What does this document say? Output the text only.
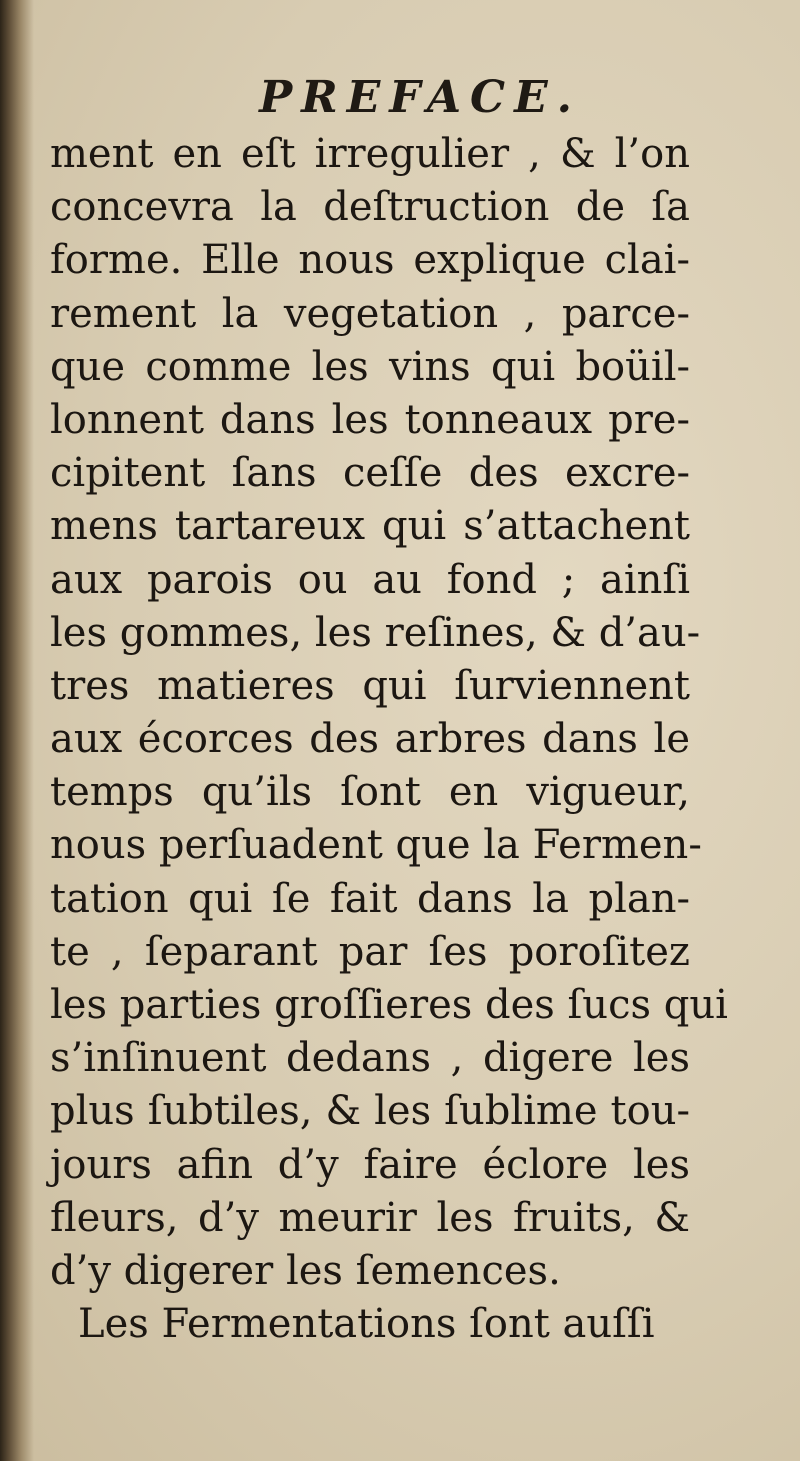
PREFACE.
ment en eſt irregulier , & l’on
concevra la deſtruction de ſa
forme. Elle nous explique clai-
rement la vegetation , parce-
que comme les vins qui boüil-
lonnent dans les tonneaux pre-
cipitent ſans ceſſe des excre-
mens tartareux qui s’attachent
aux parois ou au fond ; ainſi
les gommes, les reſines, & d’au-
tres matieres qui ſurviennent
aux écorces des arbres dans le
temps qu’ils ſont en vigueur,
nous perſuadent que la Fermen-
tation qui ſe fait dans la plan-
te , ſeparant par ſes poroſitez
les parties groſſieres des ſucs qui
s’inſinuent dedans , digere les
plus ſubtiles, & les ſublime tou-
jours afin d’y faire éclore les
fleurs, d’y meurir les fruits, &
d’y digerer les ſemences.
Les Fermentations ſont auſſi
